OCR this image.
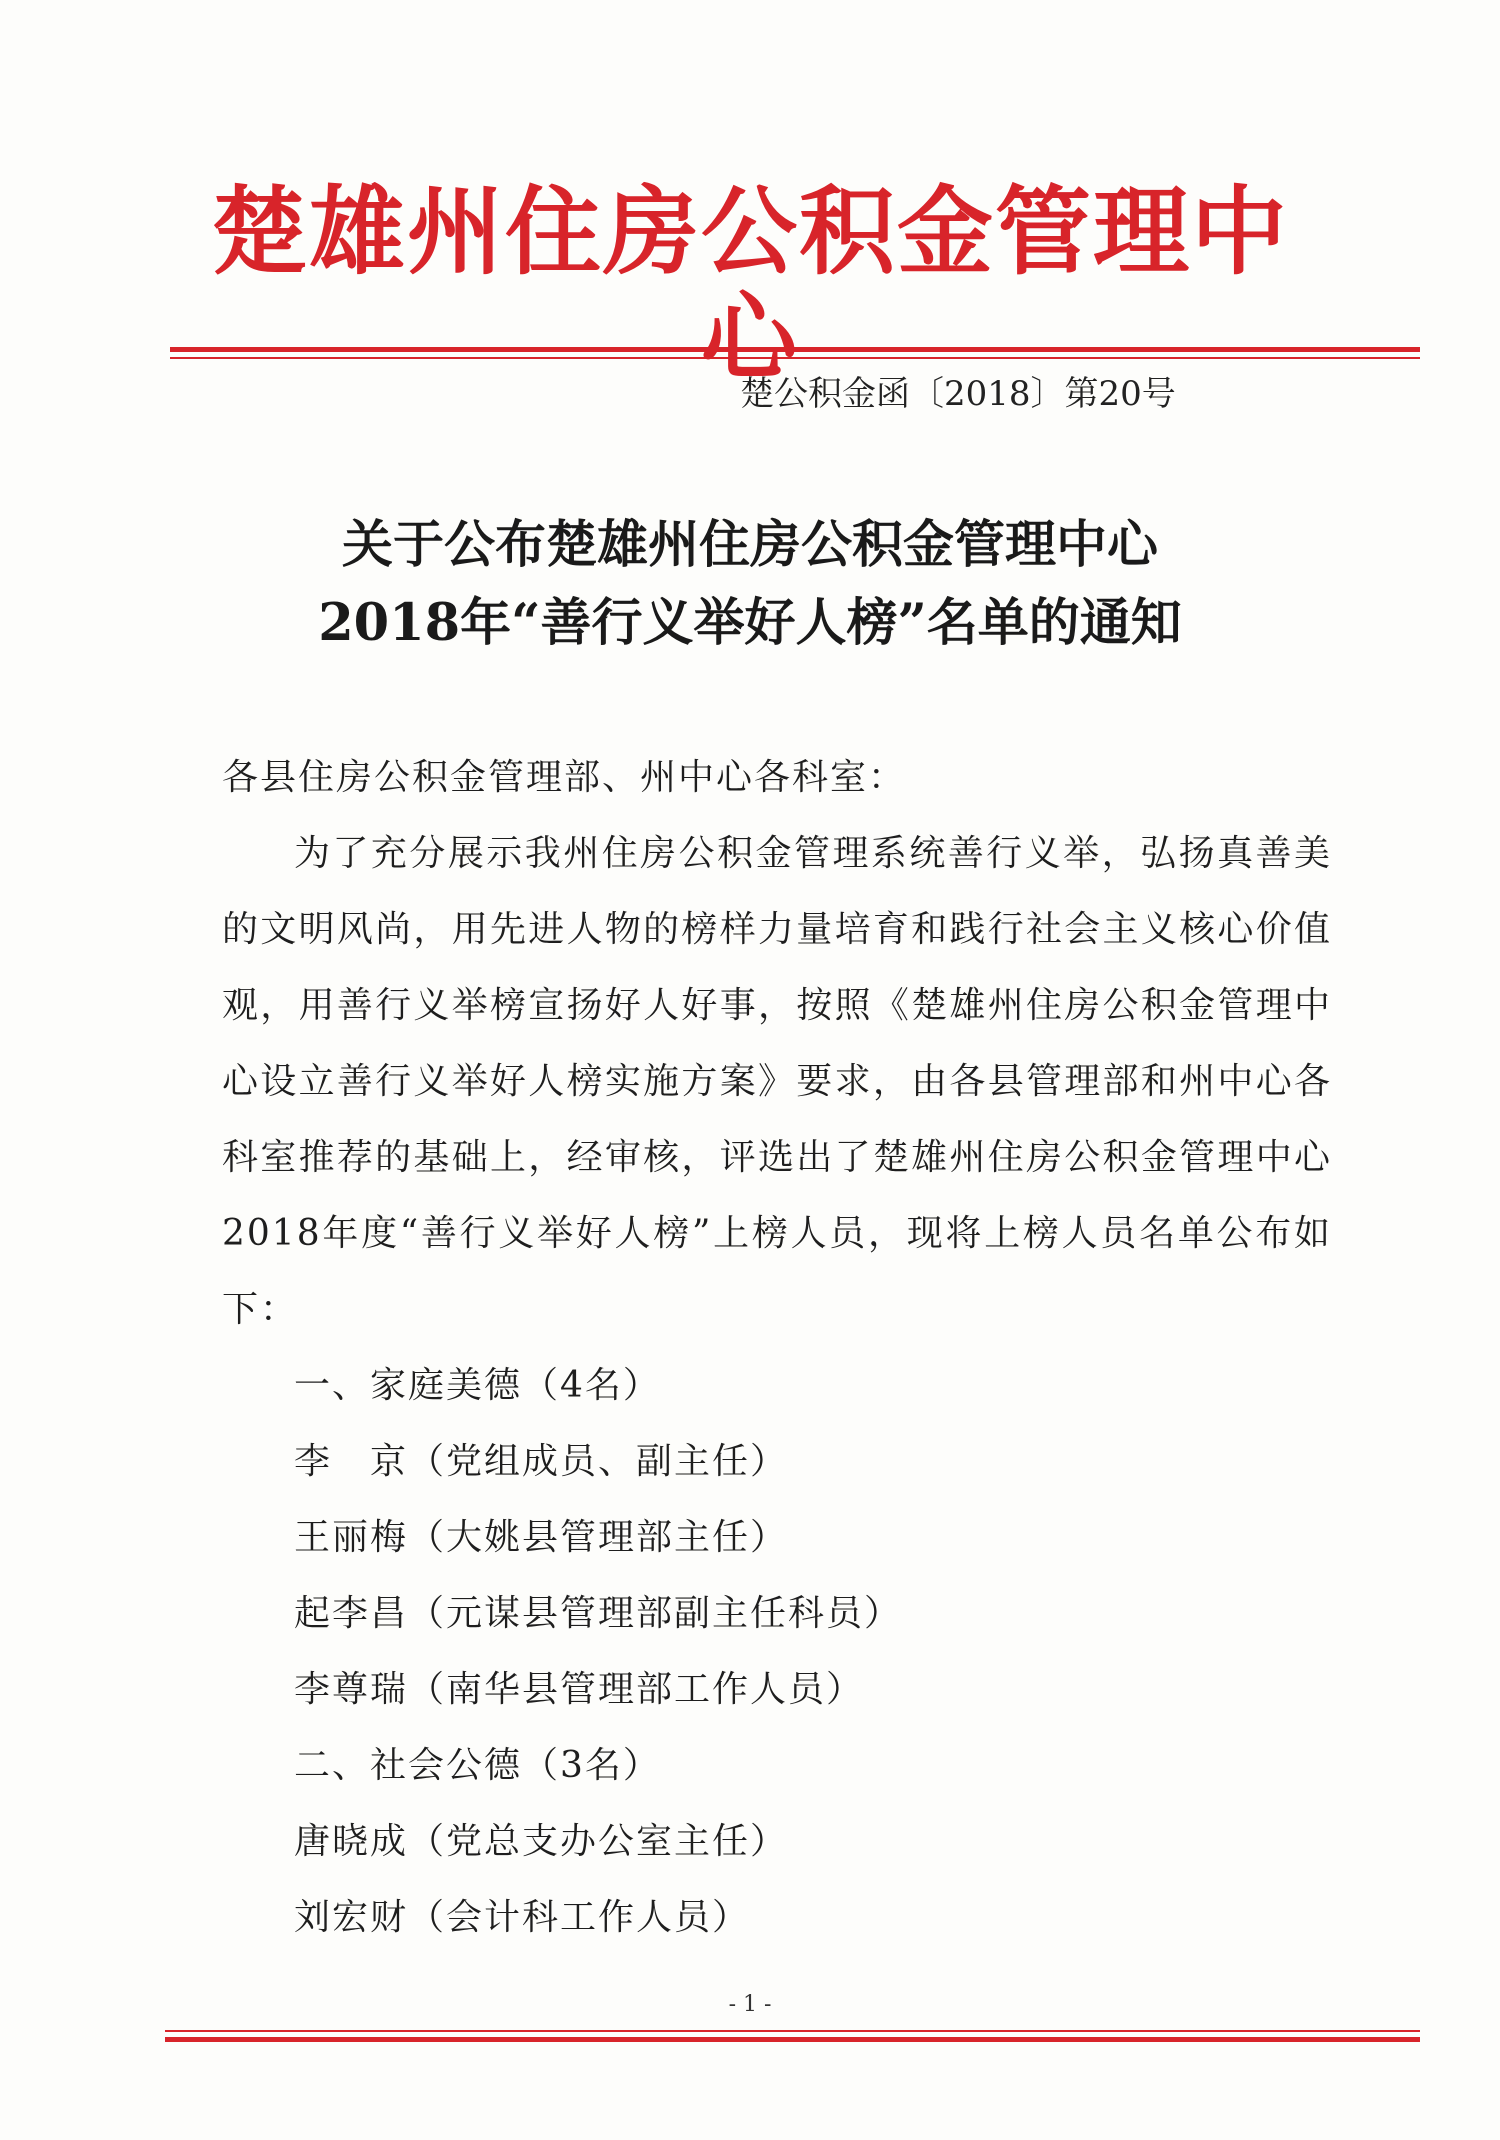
楚雄州住房公积金管理中心
楚公积金函〔2018〕第20号
关于公布楚雄州住房公积金管理中心
2018年“善行义举好人榜”名单的通知

各县住房公积金管理部、州中心各科室：

为了充分展示我州住房公积金管理系统善行义举，弘扬真善美的文明风尚，用先进人物的榜样力量培育和践行社会主义核心价值观，用善行义举榜宣扬好人好事，按照《楚雄州住房公积金管理中心设立善行义举好人榜实施方案》要求，由各县管理部和州中心各科室推荐的基础上，经审核，评选出了楚雄州住房公积金管理中心2018年度“善行义举好人榜”上榜人员，现将上榜人员名单公布如下：

一、家庭美德（4名）
李　京（党组成员、副主任）
王丽梅（大姚县管理部主任）
起李昌（元谋县管理部副主任科员）
李尊瑞（南华县管理部工作人员）
二、社会公德（3名）
唐晓成（党总支办公室主任）
刘宏财（会计科工作人员）
- 1 -
